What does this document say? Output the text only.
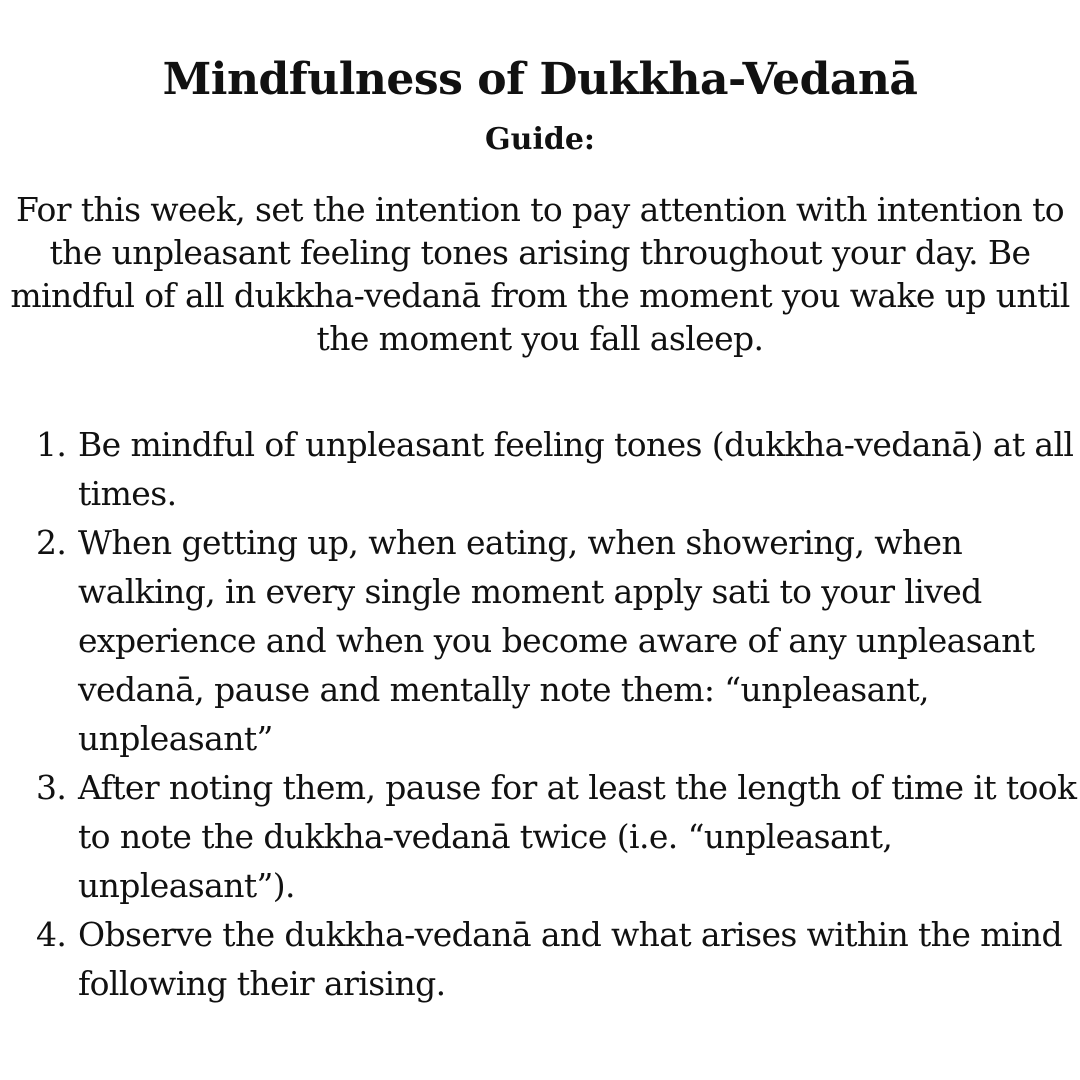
Mindfulness of Dukkha-Vedanā
Guide:

For this week, set the intention to pay attention with intention to the unpleasant feeling tones arising throughout your day. Be mindful of all dukkha-vedanā from the moment you wake up until the moment you fall asleep.

1. Be mindful of unpleasant feeling tones (dukkha-vedanā) at all times.
2. When getting up, when eating, when showering, when walking, in every single moment apply sati to your lived experience and when you become aware of any unpleasant vedanā, pause and mentally note them: “unpleasant, unpleasant”
3. After noting them, pause for at least the length of time it took to note the dukkha-vedanā twice (i.e. “unpleasant, unpleasant”).
4. Observe the dukkha-vedanā and what arises within the mind following their arising.
